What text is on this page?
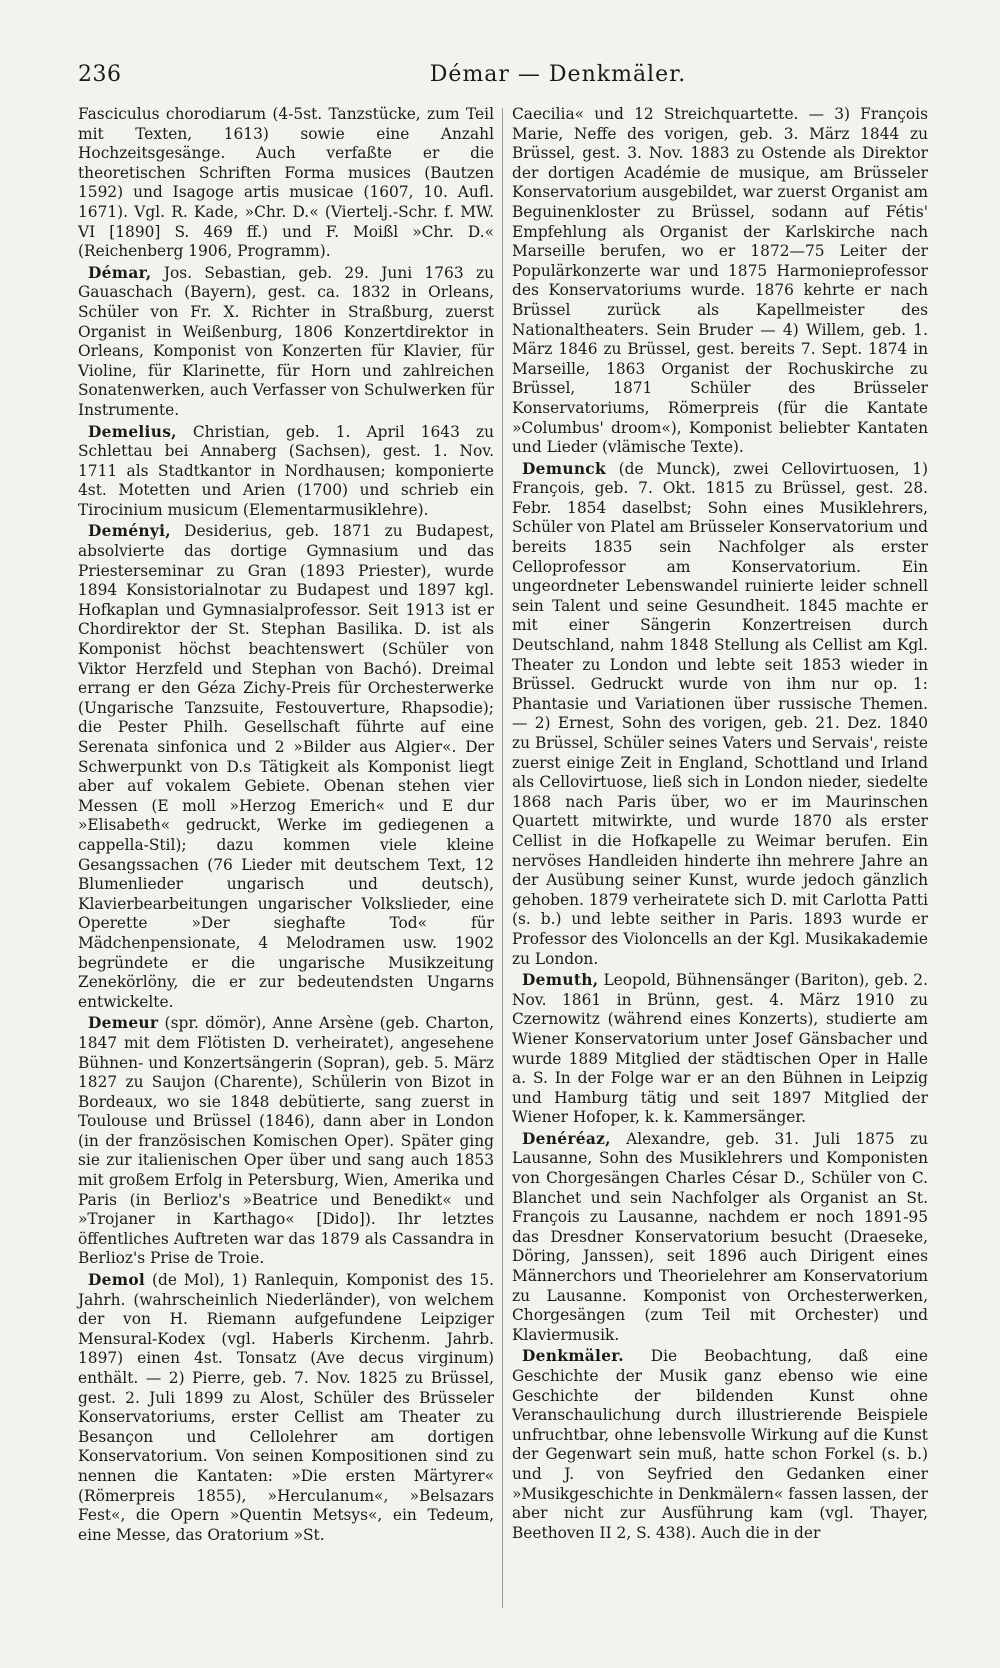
236	Démar — Denkmäler.

Fasciculus chorodiarum (4-5st. Tanzstücke, zum Teil mit Texten, 1613) sowie eine Anzahl Hochzeitsgesänge. Auch verfaßte er die theoretischen Schriften Forma musices (Bautzen 1592) und Isagoge artis musicae (1607, 10. Aufl. 1671). Vgl. R. Kade, »Chr. D.« (Viertelj.-Schr. f. MW. VI [1890] S. 469 ff.) und F. Moißl »Chr. D.« (Reichenberg 1906, Programm).

Démar, Jos. Sebastian, geb. 29. Juni 1763 zu Gauaschach (Bayern), gest. ca. 1832 in Orleans, Schüler von Fr. X. Richter in Straßburg, zuerst Organist in Weißenburg, 1806 Konzertdirektor in Orleans, Komponist von Konzerten für Klavier, für Violine, für Klarinette, für Horn und zahlreichen Sonatenwerken, auch Verfasser von Schulwerken für Instrumente.

Demelius, Christian, geb. 1. April 1643 zu Schlettau bei Annaberg (Sachsen), gest. 1. Nov. 1711 als Stadtkantor in Nordhausen; komponierte 4st. Motetten und Arien (1700) und schrieb ein Tirocinium musicum (Elementarmusiklehre).

Deményi, Desiderius, geb. 1871 zu Budapest, absolvierte das dortige Gymnasium und das Priesterseminar zu Gran (1893 Priester), wurde 1894 Konsistorialnotar zu Budapest und 1897 kgl. Hofkaplan und Gymnasialprofessor. Seit 1913 ist er Chordirektor der St. Stephan Basilika. D. ist als Komponist höchst beachtenswert (Schüler von Viktor Herzfeld und Stephan von Bachó). Dreimal errang er den Géza Zichy-Preis für Orchesterwerke (Ungarische Tanzsuite, Festouverture, Rhapsodie); die Pester Philh. Gesellschaft führte auf eine Serenata sinfonica und 2 »Bilder aus Algier«. Der Schwerpunkt von D.s Tätigkeit als Komponist liegt aber auf vokalem Gebiete. Obenan stehen vier Messen (E moll »Herzog Emerich« und E dur »Elisabeth« gedruckt, Werke im gediegenen a cappella-Stil); dazu kommen viele kleine Gesangssachen (76 Lieder mit deutschem Text, 12 Blumenlieder ungarisch und deutsch), Klavierbearbeitungen ungarischer Volkslieder, eine Operette »Der sieghafte Tod« für Mädchenpensionate, 4 Melodramen usw. 1902 begründete er die ungarische Musikzeitung Zenekörlöny, die er zur bedeutendsten Ungarns entwickelte.

Demeur (spr. dömör), Anne Arsène (geb. Charton, 1847 mit dem Flötisten D. verheiratet), angesehene Bühnen- und Konzertsängerin (Sopran), geb. 5. März 1827 zu Saujon (Charente), Schülerin von Bizot in Bordeaux, wo sie 1848 debütierte, sang zuerst in Toulouse und Brüssel (1846), dann aber in London (in der französischen Komischen Oper). Später ging sie zur italienischen Oper über und sang auch 1853 mit großem Erfolg in Petersburg, Wien, Amerika und Paris (in Berlioz's »Beatrice und Benedikt« und »Trojaner in Karthago« [Dido]). Ihr letztes öffentliches Auftreten war das 1879 als Cassandra in Berlioz's Prise de Troie.

Demol (de Mol), 1) Ranlequin, Komponist des 15. Jahrh. (wahrscheinlich Niederländer), von welchem der von H. Riemann aufgefundene Leipziger Mensural-Kodex (vgl. Haberls Kirchenm. Jahrb. 1897) einen 4st. Tonsatz (Ave decus virginum) enthält. — 2) Pierre, geb. 7. Nov. 1825 zu Brüssel, gest. 2. Juli 1899 zu Alost, Schüler des Brüsseler Konservatoriums, erster Cellist am Theater zu Besançon und Cellolehrer am dortigen Konservatorium. Von seinen Kompositionen sind zu nennen die Kantaten: »Die ersten Märtyrer« (Römerpreis 1855), »Herculanum«, »Belsazars Fest«, die Opern »Quentin Metsys«, ein Tedeum, eine Messe, das Oratorium »St.

Caecilia« und 12 Streichquartette. — 3) François Marie, Neffe des vorigen, geb. 3. März 1844 zu Brüssel, gest. 3. Nov. 1883 zu Ostende als Direktor der dortigen Académie de musique, am Brüsseler Konservatorium ausgebildet, war zuerst Organist am Beguinenkloster zu Brüssel, sodann auf Fétis' Empfehlung als Organist der Karlskirche nach Marseille berufen, wo er 1872—75 Leiter der Populärkonzerte war und 1875 Harmonieprofessor des Konservatoriums wurde. 1876 kehrte er nach Brüssel zurück als Kapellmeister des Nationaltheaters. Sein Bruder — 4) Willem, geb. 1. März 1846 zu Brüssel, gest. bereits 7. Sept. 1874 in Marseille, 1863 Organist der Rochuskirche zu Brüssel, 1871 Schüler des Brüsseler Konservatoriums, Römerpreis (für die Kantate »Columbus' droom«), Komponist beliebter Kantaten und Lieder (vlämische Texte).

Demunck (de Munck), zwei Cellovirtuosen, 1) François, geb. 7. Okt. 1815 zu Brüssel, gest. 28. Febr. 1854 daselbst; Sohn eines Musiklehrers, Schüler von Platel am Brüsseler Konservatorium und bereits 1835 sein Nachfolger als erster Celloprofessor am Konservatorium. Ein ungeordneter Lebenswandel ruinierte leider schnell sein Talent und seine Gesundheit. 1845 machte er mit einer Sängerin Konzertreisen durch Deutschland, nahm 1848 Stellung als Cellist am Kgl. Theater zu London und lebte seit 1853 wieder in Brüssel. Gedruckt wurde von ihm nur op. 1: Phantasie und Variationen über russische Themen. — 2) Ernest, Sohn des vorigen, geb. 21. Dez. 1840 zu Brüssel, Schüler seines Vaters und Servais', reiste zuerst einige Zeit in England, Schottland und Irland als Cellovirtuose, ließ sich in London nieder, siedelte 1868 nach Paris über, wo er im Maurinschen Quartett mitwirkte, und wurde 1870 als erster Cellist in die Hofkapelle zu Weimar berufen. Ein nervöses Handleiden hinderte ihn mehrere Jahre an der Ausübung seiner Kunst, wurde jedoch gänzlich gehoben. 1879 verheiratete sich D. mit Carlotta Patti (s. b.) und lebte seither in Paris. 1893 wurde er Professor des Violoncells an der Kgl. Musikakademie zu London.

Demuth, Leopold, Bühnensänger (Bariton), geb. 2. Nov. 1861 in Brünn, gest. 4. März 1910 zu Czernowitz (während eines Konzerts), studierte am Wiener Konservatorium unter Josef Gänsbacher und wurde 1889 Mitglied der städtischen Oper in Halle a. S. In der Folge war er an den Bühnen in Leipzig und Hamburg tätig und seit 1897 Mitglied der Wiener Hofoper, k. k. Kammersänger.

Denéréaz, Alexandre, geb. 31. Juli 1875 zu Lausanne, Sohn des Musiklehrers und Komponisten von Chorgesängen Charles César D., Schüler von C. Blanchet und sein Nachfolger als Organist an St. François zu Lausanne, nachdem er noch 1891-95 das Dresdner Konservatorium besucht (Draeseke, Döring, Janssen), seit 1896 auch Dirigent eines Männerchors und Theorielehrer am Konservatorium zu Lausanne. Komponist von Orchesterwerken, Chorgesängen (zum Teil mit Orchester) und Klaviermusik.

Denkmäler. Die Beobachtung, daß eine Geschichte der Musik ganz ebenso wie eine Geschichte der bildenden Kunst ohne Veranschaulichung durch illustrierende Beispiele unfruchtbar, ohne lebensvolle Wirkung auf die Kunst der Gegenwart sein muß, hatte schon Forkel (s. b.) und J. von Seyfried den Gedanken einer »Musikgeschichte in Denkmälern« fassen lassen, der aber nicht zur Ausführung kam (vgl. Thayer, Beethoven II 2, S. 438). Auch die in der
